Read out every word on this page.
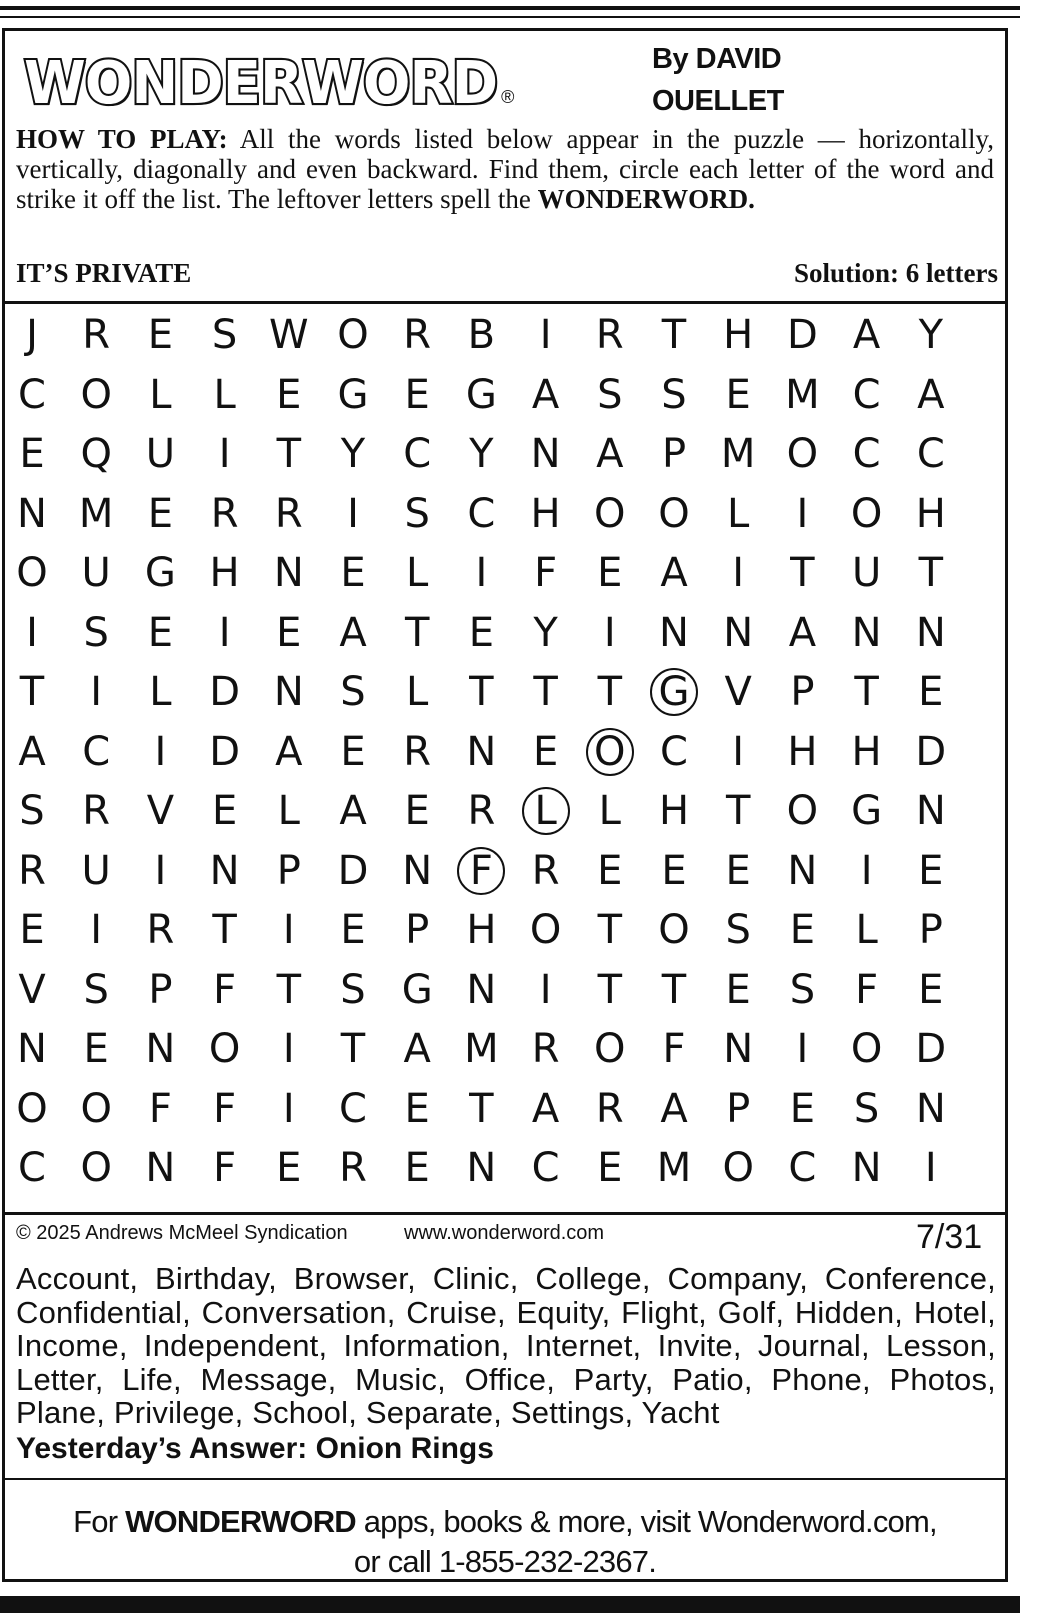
WONDERWORD ®
By DAVID
OUELLET

HOW TO PLAY: All the words listed below appear in the puzzle — horizontally, vertically, diagonally and even backward. Find them, circle each letter of the word and strike it off the list. The leftover letters spell the WONDERWORD.

IT’S PRIVATE	Solution: 6 letters
J	R E S W O R B	I	R T H D A Y
C O L	L	E G E G A S S E M C A
E Q U	I	T Y C Y N A P M O C C
N M E R R	I	S C H O O L	I	O H
O U G H N E	L	I	F	E A	I	T U T
I	S E	I	E A T E Y	I	N N A N N
T	I	L D N S	L	T T T G V P T E
A C	I	D A E R N E O C	I	H H D
S R V E	L A E R L	L H T O G N
R U	I	N P D N F R E E E N	I	E
E	I	R T	I	E P H O T O S E	L	P
V S P	F	T S G N	I	T T E S	F	E
N E N O	I	T A M R O F N	I	O D
O O F	F	I	C E T A R A P E S N
C O N F	E R E N C E M O C N	I
© 2025 Andrews McMeel Syndication	www.wonderword.com	7/31

Account, Birthday, Browser, Clinic, College, Company, Conference, Confidential, Conversation, Cruise, Equity, Flight, Golf, Hidden, Hotel, Income, Independent, Information, Internet, Invite, Journal, Lesson, Letter, Life, Message, Music, Office, Party, Patio, Phone, Photos, Plane, Privilege, School, Separate, Settings, Yacht

Yesterday’s Answer: Onion Rings
For WONDERWORD apps, books & more, visit Wonderword.com,
or call 1-855-232-2367.
